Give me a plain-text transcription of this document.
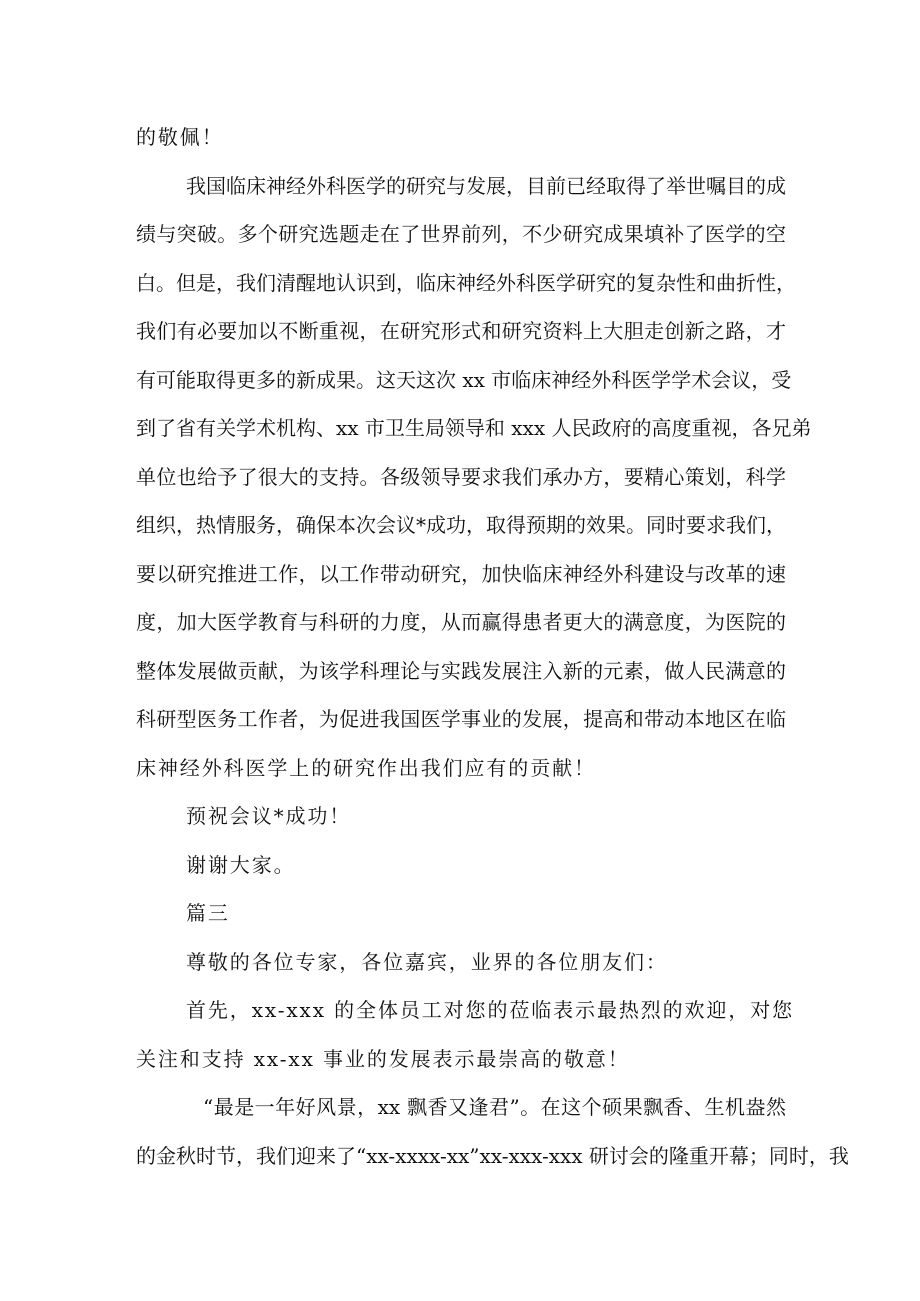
的敬佩！
我国临床神经外科医学的研究与发展，目前已经取得了举世嘱目的成
绩与突破。多个研究选题走在了世界前列，不少研究成果填补了医学的空
白。但是，我们清醒地认识到，临床神经外科医学研究的复杂性和曲折性，
我们有必要加以不断重视，在研究形式和研究资料上大胆走创新之路，才
有可能取得更多的新成果。这天这次 xx 市临床神经外科医学学术会议，受
到了省有关学术机构、xx 市卫生局领导和 xxx 人民政府的高度重视，各兄弟
单位也给予了很大的支持。各级领导要求我们承办方，要精心策划，科学
组织，热情服务，确保本次会议*成功，取得预期的效果。同时要求我们，
要以研究推进工作，以工作带动研究，加快临床神经外科建设与改革的速
度，加大医学教育与科研的力度，从而赢得患者更大的满意度，为医院的
整体发展做贡献，为该学科理论与实践发展注入新的元素，做人民满意的
科研型医务工作者，为促进我国医学事业的发展，提高和带动本地区在临
床神经外科医学上的研究作出我们应有的贡献！
预祝会议*成功！
谢谢大家。
篇三
尊敬的各位专家，各位嘉宾，业界的各位朋友们：
首先，xx-xxx 的全体员工对您的莅临表示最热烈的欢迎，对您
关注和支持 xx-xx 事业的发展表示最崇高的敬意！
“最是一年好风景，xx 飘香又逢君”。在这个硕果飘香、生机盎然
的金秋时节，我们迎来了“xx-xxxx-xx”xx-xxx-xxx 研讨会的隆重开幕；同时，我
